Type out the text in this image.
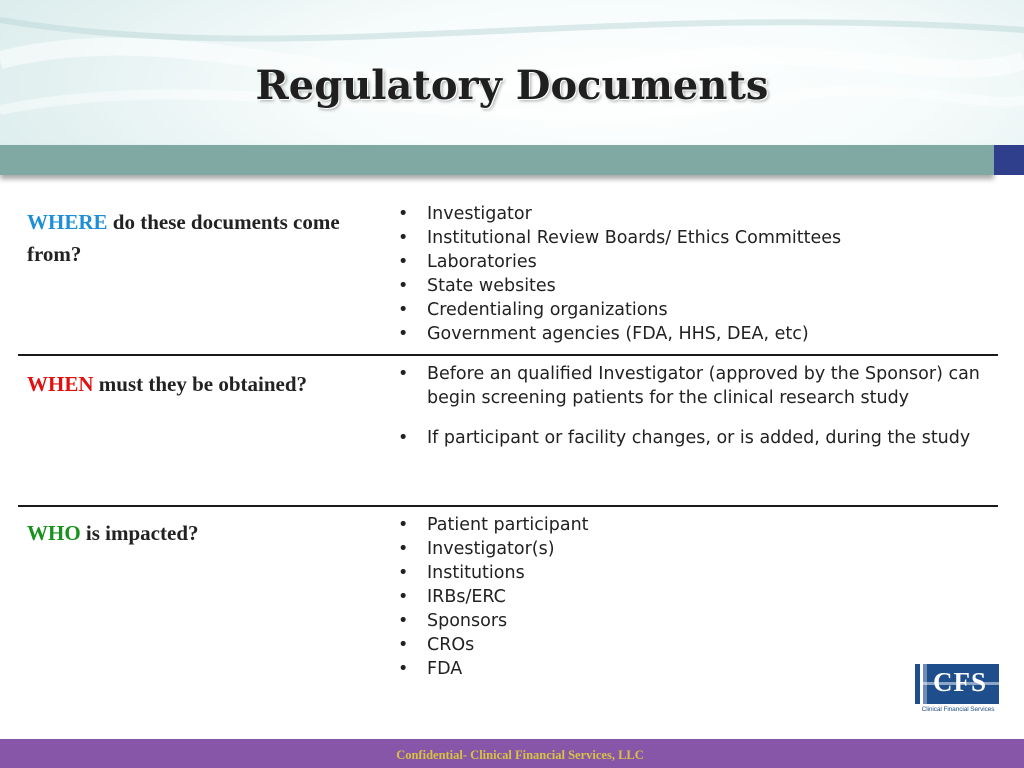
Regulatory Documents
WHERE do these documents come from?
• Investigator
• Institutional Review Boards/ Ethics Committees
• Laboratories
• State websites
• Credentialing organizations
• Government agencies (FDA, HHS, DEA, etc)
WHEN must they be obtained?	• Before an qualified Investigator (approved by the Sponsor) can begin screening patients for the clinical research study
• If participant or facility changes, or is added, during the study
WHO is impacted?	• Patient participant
• Investigator(s)
• Institutions
• IRBs/ERC
• Sponsors
• CROs
• FDA	CFS
Clinical Financial Services
Confidential- Clinical Financial Services, LLC
